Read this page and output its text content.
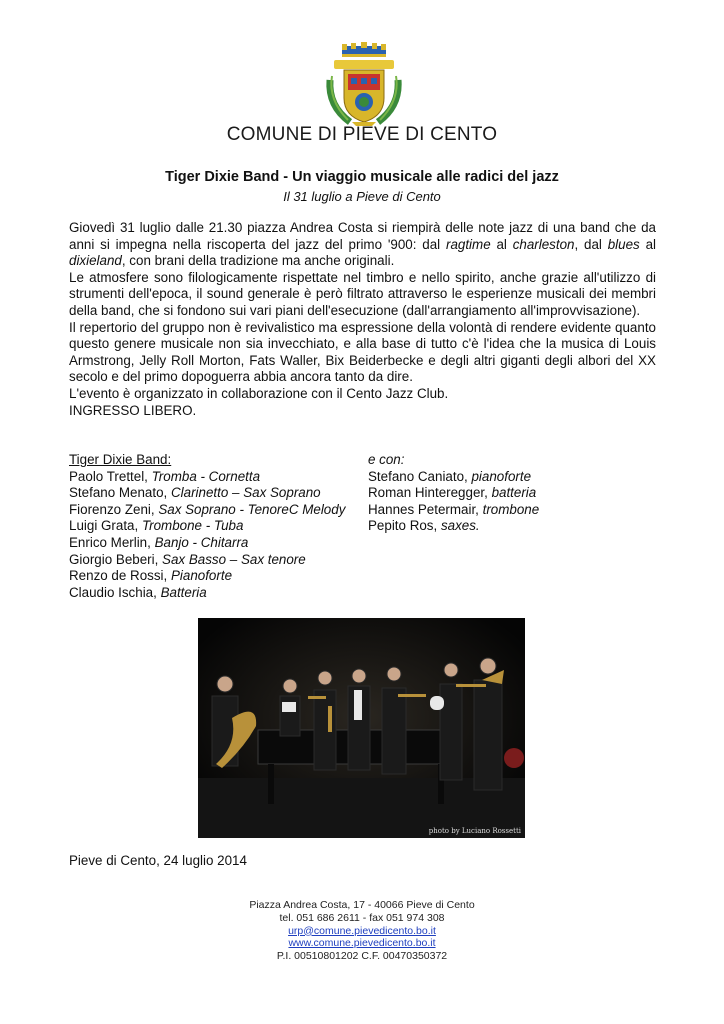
COMUNE DI PIEVE DI CENTO
Tiger Dixie Band - Un viaggio musicale alle radici del jazz
Il 31 luglio a Pieve di Cento

Giovedì 31 luglio dalle 21.30 piazza Andrea Costa si riempirà delle note jazz di una band che da anni si impegna nella riscoperta del jazz del primo '900: dal ragtime al charleston, dal blues al dixieland, con brani della tradizione ma anche originali.

Le atmosfere sono filologicamente rispettate nel timbro e nello spirito, anche grazie all'utilizzo di strumenti dell'epoca, il sound generale è però filtrato attraverso le esperienze musicali dei membri della band, che si fondono sui vari piani dell'esecuzione (dall'arrangiamento all'improvvisazione).

Il repertorio del gruppo non è revivalistico ma espressione della volontà di rendere evidente quanto questo genere musicale non sia invecchiato, e alla base di tutto c'è l'idea che la musica di Louis Armstrong, Jelly Roll Morton, Fats Waller, Bix Beiderbecke e degli altri giganti degli albori del XX secolo e del primo dopoguerra abbia ancora tanto da dire.

L'evento è organizzato in collaborazione con il Cento Jazz Club.

INGRESSO LIBERO.

Tiger Dixie Band:
Paolo Trettel, Tromba - Cornetta
Stefano Menato, Clarinetto – Sax Soprano
Fiorenzo Zeni, Sax Soprano - TenoreC Melody
Luigi Grata, Trombone - Tuba
Enrico Merlin, Banjo - Chitarra
Giorgio Beberi, Sax Basso – Sax tenore
Renzo de Rossi, Pianoforte
Claudio Ischia, Batteria
e con:
Stefano Caniato, pianoforte
Roman Hinteregger, batteria
Hannes Petermair, trombone
Pepito Ros, saxes.
photo by Luciano Rossetti
Pieve di Cento, 24 luglio 2014
Piazza Andrea Costa, 17 - 40066 Pieve di Cento
tel. 051 686 2611 - fax 051 974 308
urp@comune.pievedicento.bo.it
www.comune.pievedicento.bo.it
P.I. 00510801202 C.F. 00470350372
